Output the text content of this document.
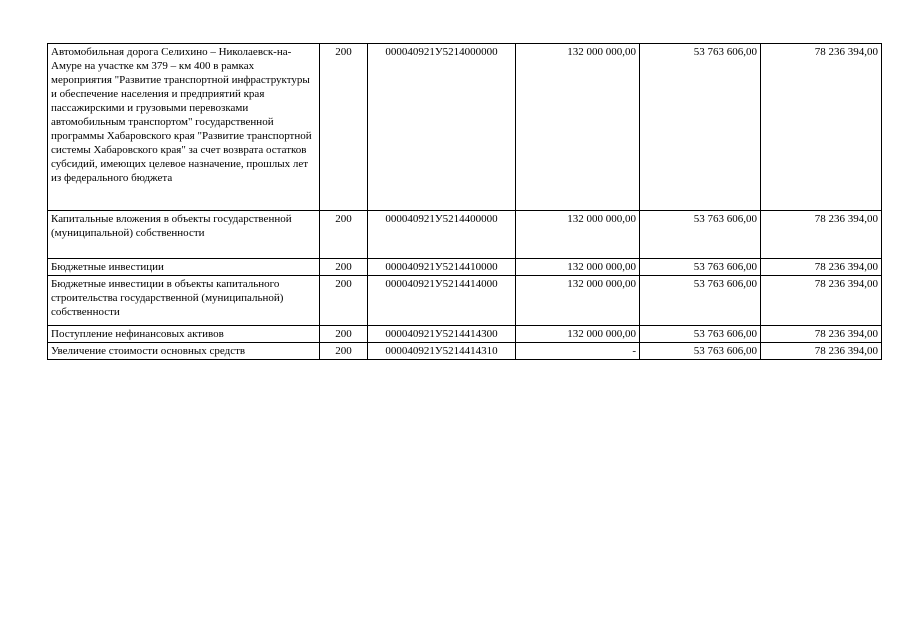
Автомобильная дорога Селихино – Николаевск-на-Амуре на участке км 379 – км 400 в рамках мероприятия "Развитие транспортной инфраструктуры и обеспечение населения и предприятий края пассажирскими и грузовыми перевозками автомобильным транспортом" государственной программы Хабаровского края "Развитие транспортной системы Хабаровского края" за счет возврата остатков субсидий, имеющих целевое назначение, прошлых лет из федерального бюджета	200	000040921У5214000000	132 000 000,00	53 763 606,00	78 236 394,00
Капитальные вложения в объекты государственной (муниципальной) собственности	200	000040921У5214400000	132 000 000,00	53 763 606,00	78 236 394,00
Бюджетные инвестиции	200	000040921У5214410000	132 000 000,00	53 763 606,00	78 236 394,00
Бюджетные инвестиции в объекты капитального строительства государственной (муниципальной) собственности	200	000040921У5214414000	132 000 000,00	53 763 606,00	78 236 394,00
Поступление нефинансовых активов	200	000040921У5214414300	132 000 000,00	53 763 606,00	78 236 394,00
Увеличение стоимости основных средств	200	000040921У5214414310	-	53 763 606,00	78 236 394,00
